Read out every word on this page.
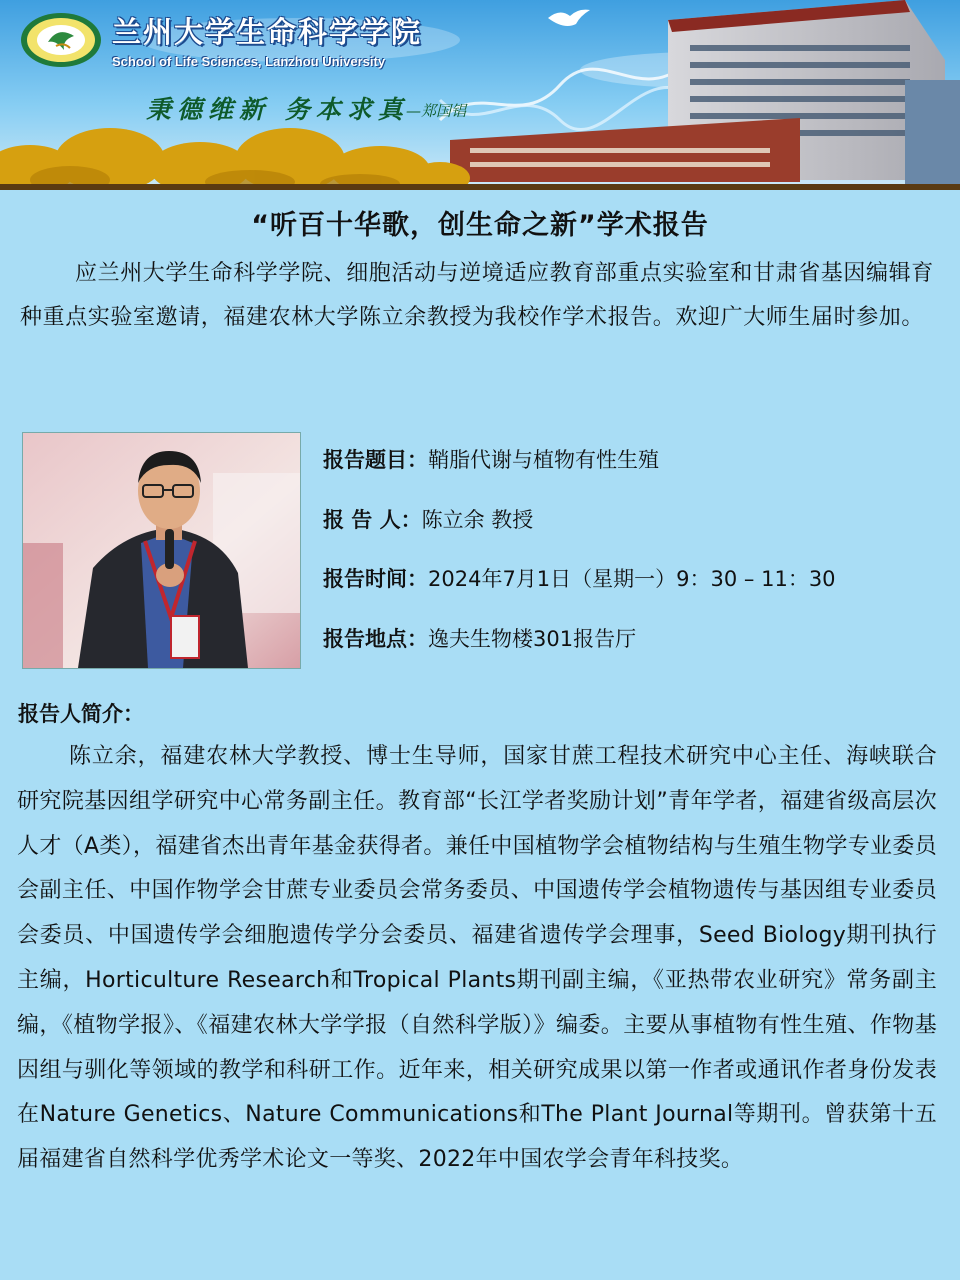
兰州大学生命科学学院
School of Life Sciences, Lanzhou University
秉德维新 务本求真
—郑国锠
“听百十华歌，创生命之新”学术报告

应兰州大学生命科学学院、细胞活动与逆境适应教育部重点实验室和甘肃省基因编辑育种重点实验室邀请，福建农林大学陈立余教授为我校作学术报告。欢迎广大师生届时参加。

报告题目：鞘脂代谢与植物有性生殖
报 告 人：陈立余 教授
报告时间：2024年7月1日（星期一）9：30 – 11：30
报告地点：逸夫生物楼301报告厅
报告人简介：

陈立余，福建农林大学教授、博士生导师，国家甘蔗工程技术研究中心主任、海峡联合研究院基因组学研究中心常务副主任。教育部“长江学者奖励计划”青年学者，福建省级高层次人才（A类），福建省杰出青年基金获得者。兼任中国植物学会植物结构与生殖生物学专业委员会副主任、中国作物学会甘蔗专业委员会常务委员、中国遗传学会植物遗传与基因组专业委员会委员、中国遗传学会细胞遗传学分会委员、福建省遗传学会理事，Seed Biology期刊执行主编，Horticulture Research和Tropical Plants期刊副主编，《亚热带农业研究》常务副主编，《植物学报》、《福建农林大学学报（自然科学版）》编委。主要从事植物有性生殖、作物基因组与驯化等领域的教学和科研工作。近年来，相关研究成果以第一作者或通讯作者身份发表在Nature Genetics、Nature Communications和The Plant Journal等期刊。曾获第十五届福建省自然科学优秀学术论文一等奖、2022年中国农学会青年科技奖。
